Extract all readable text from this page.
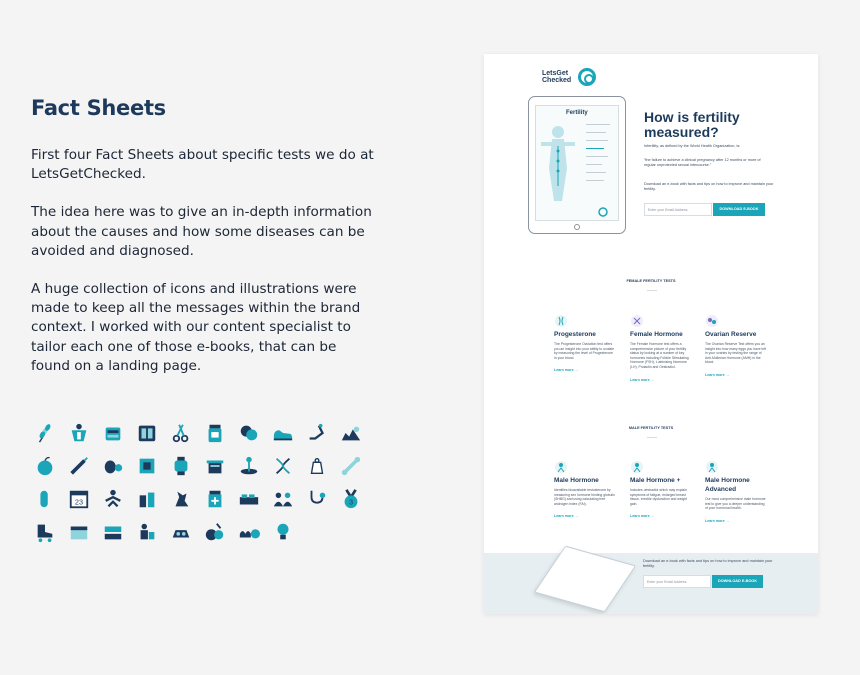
Fact Sheets

First four Fact Sheets about specific tests we do at LetsGetChecked.

The idea here was to give an in-depth information about the causes and how some diseases can be avoided and diagnosed.

A huge collection of icons and illustrations were made to keep all the messages within the brand context. I worked with our content specialist to tailor each one of those e-books, that can be found on a landing page.

23	3
LetsGet
Checked
Fertility	How is fertility measured?
Infertility, as defined by the World Health Organization, is:
"the failure to achieve a clinical pregnancy after 12 months or more of regular unprotected sexual intercourse."
Download an e-book with facts and tips on how to improve and maintain your fertility.
Enter your Email Address	DOWNLOAD E-BOOK
FEMALE FERTILITY TESTS
Progesterone
The Progesterone Ovulation test offers you an insight into your ability to ovulate by measuring the level of Progesterone in your blood.
Learn more →
Female Hormone
The Female Hormone test offers a comprehensive picture of your fertility status by looking at a number of key hormones including Follicle Stimulating Hormone (FSH), Luteinising Hormone (LH), Prolactin and Oestradiol.
Learn more →
Ovarian Reserve
The Ovarian Reserve Test offers you an insight into how many eggs you have left in your ovaries by testing the range of Anti-Mullerian Hormone (AMH) in the blood.
Learn more →
MALE FERTILITY TESTS
Male Hormone
Identifies bioavailable testosterone by measuring sex hormone binding globulin (SHBG) and using calculating free androgen index (FAI).
Learn more →
Male Hormone +
Includes oestradiol which may explain symptoms of fatigue, enlarged breast tissue, erectile dysfunction and weight gain.
Learn more →
Male Hormone Advanced
Our most comprehensive male hormone test to give you a deeper understanding of your hormonal health.
Learn more →
Download an e-book with facts and tips on how to improve and maintain your fertility.
Enter your Email Address	DOWNLOAD E-BOOK
